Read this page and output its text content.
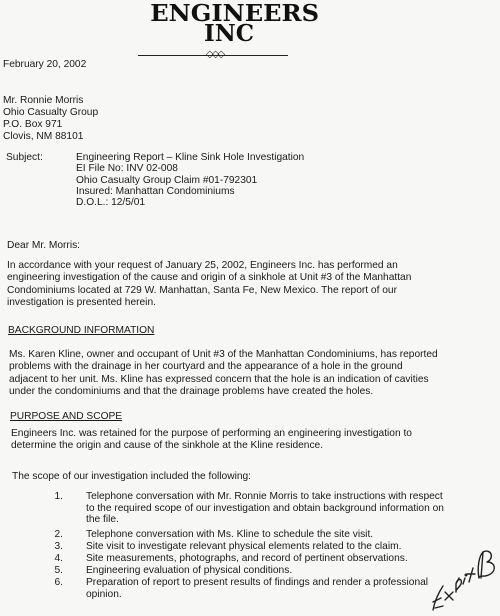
ENGINEERS
INC
◇◇◇
February 20, 2002
Mr. Ronnie Morris
Ohio Casualty Group
P.O. Box 971
Clovis, NM 88101
Subject:	Engineering Report – Kline Sink Hole Investigation
EI File No: INV 02-008
Ohio Casualty Group Claim #01-792301
Insured: Manhattan Condominiums
D.O.L.: 12/5/01
Dear Mr. Morris:
In accordance with your request of January 25, 2002, Engineers Inc. has performed an
engineering investigation of the cause and origin of a sinkhole at Unit #3 of the Manhattan
Condominiums located at 729 W. Manhattan, Santa Fe, New Mexico. The report of our
investigation is presented herein.
BACKGROUND INFORMATION
Ms. Karen Kline, owner and occupant of Unit #3 of the Manhattan Condominiums, has reported
problems with the drainage in her courtyard and the appearance of a hole in the ground
adjacent to her unit. Ms. Kline has expressed concern that the hole is an indication of cavities
under the condominiums and that the drainage problems have created the holes.
PURPOSE AND SCOPE
Engineers Inc. was retained for the purpose of performing an engineering investigation to
determine the origin and cause of the sinkhole at the Kline residence.
The scope of our investigation included the following:
1. Telephone conversation with Mr. Ronnie Morris to take instructions with respect
to the required scope of our investigation and obtain background information on
the file.
2. Telephone conversation with Ms. Kline to schedule the site visit.
3. Site visit to investigate relevant physical elements related to the claim.
4. Site measurements, photographs, and record of pertinent observations.
5. Engineering evaluation of physical conditions.
6. Preparation of report to present results of findings and render a professional
opinion.
